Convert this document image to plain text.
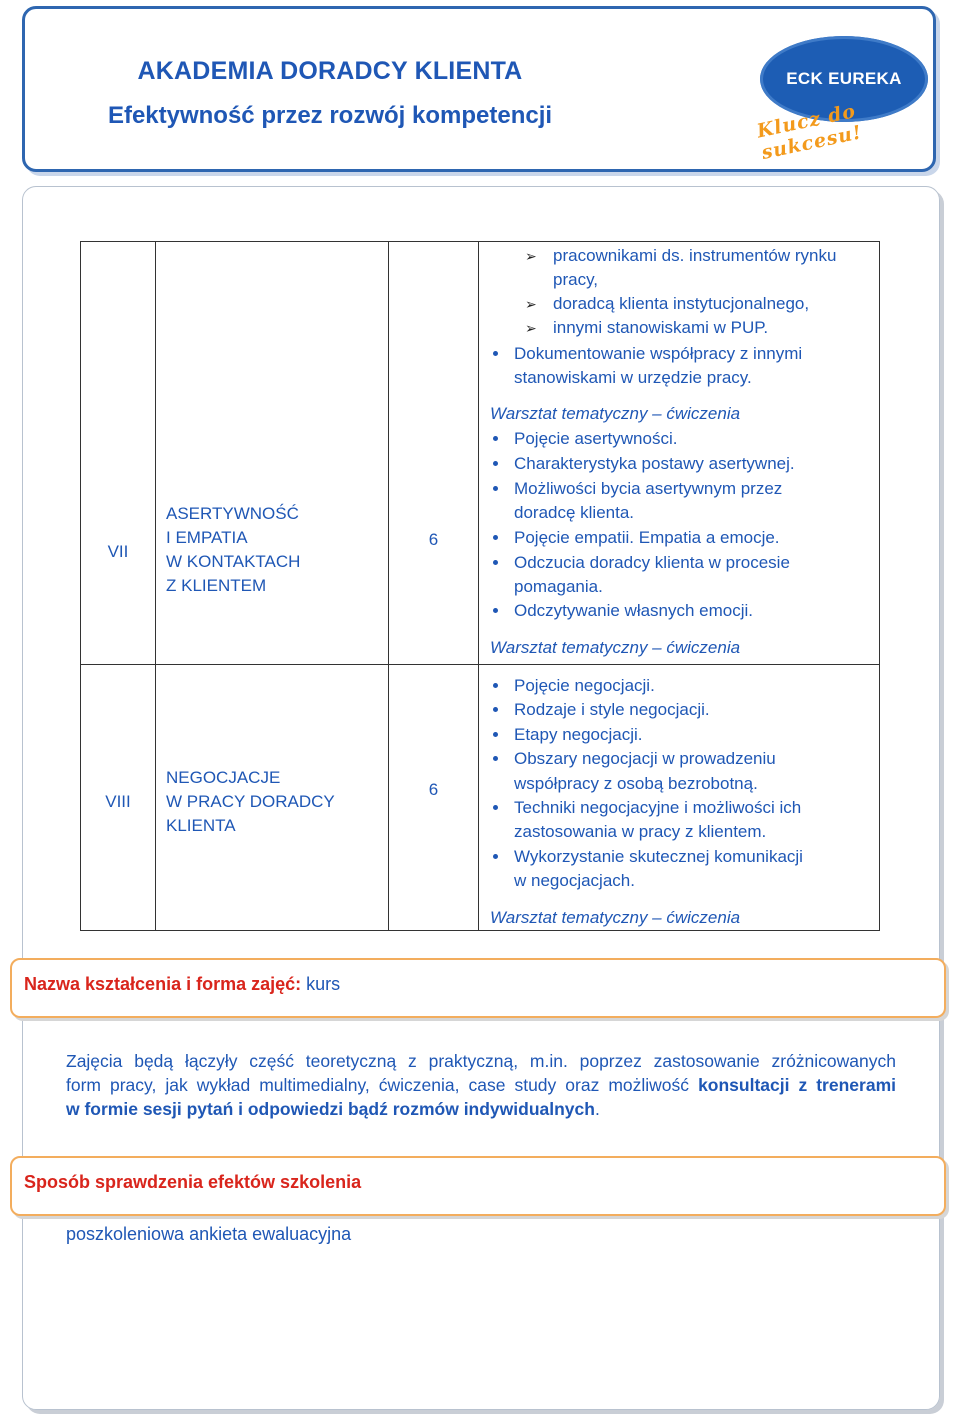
AKADEMIA DORADCY KLIENTA
Efektywność przez rozwój kompetencji
ECK EUREKA
Klucz do sukcesu!
VII
ASERTYWNOŚĆ
I EMPATIA
W KONTAKTACH
Z KLIENTEM
6
➢ pracownikami ds. instrumentów rynku
pracy,
➢ doradcą klienta instytucjonalnego,
➢ innymi stanowiskami w PUP.
Dokumentowanie współpracy z innymi
stanowiskami w urzędzie pracy.
Warsztat tematyczny – ćwiczenia
Pojęcie asertywności.
Charakterystyka postawy asertywnej.
Możliwości bycia asertywnym przez
doradcę klienta.
Pojęcie empatii. Empatia a emocje.
Odczucia doradcy klienta w procesie
pomagania.
Odczytywanie własnych emocji.
Warsztat tematyczny – ćwiczenia
VIII
NEGOCJACJE
W PRACY DORADCY
KLIENTA
6
Pojęcie negocjacji.
Rodzaje i style negocjacji.
Etapy negocjacji.
Obszary negocjacji w prowadzeniu
współpracy z osobą bezrobotną.
Techniki negocjacyjne i możliwości ich
zastosowania w pracy z klientem.
Wykorzystanie skutecznej komunikacji
w negocjacjach.
Warsztat tematyczny – ćwiczenia
Nazwa kształcenia i forma zajęć: kurs
Zajęcia będą łączyły część teoretyczną z praktyczną, m.in. poprzez zastosowanie zróżnicowanych
form pracy, jak wykład multimedialny, ćwiczenia, case study oraz możliwość konsultacji z trenerami
w formie sesji pytań i odpowiedzi bądź rozmów indywidualnych.
Sposób sprawdzenia efektów szkolenia
poszkoleniowa ankieta ewaluacyjna
